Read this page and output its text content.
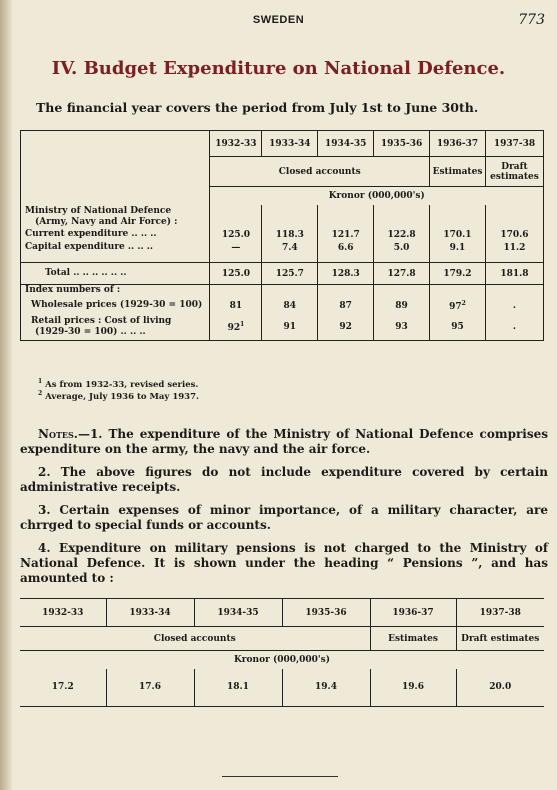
SWEDEN	773
IV. Budget Expenditure on National Defence.
The financial year covers the period from July 1st to June 30th.
	1932-33	1933-34	1934-35	1935-36	1936-37	1937-38
	Closed accounts				Estimates	Draft estimates
	Kronor (000,000's)					

Ministry of National Defence
(Army, Navy and Air Force) :						

Current expenditure .. .. ..	125.0	118.3	121.7	122.8	170.1	170.6
Capital expenditure .. .. ..	—	7.4	6.6	5.0	9.1	11.2

Total .. .. .. .. .. ..	125.0	125.7	128.3	127.8	179.2	181.8
Index numbers of :						
Wholesale prices (1929-30 = 100)	81	84	87	89	$97^2$	.

Retail prices : Cost of living
(1929-30 = 100) .. .. ..	$92^1$	91	92	93	95	.
$^1$ As from 1932-33, revised series.
$^2$ Average, July 1936 to May 1937.
Notes.—1. The expenditure of the Ministry of National Defence comprises expenditure on the army, the navy and the air force.
2. The above figures do not include expenditure covered by certain administrative receipts.
3. Certain expenses of minor importance, of a military character, are chrrged to special funds or accounts.
4. Expenditure on military pensions is not charged to the Ministry of National Defence. It is shown under the heading “ Pensions ”, and has amounted to :
1932-33	1933-34	1934-35	1935-36	1936-37	1937-38
Closed accounts				Estimates	Draft estimates
Kronor (000,000's)					
17.2	17.6	18.1	19.4	19.6	20.0
